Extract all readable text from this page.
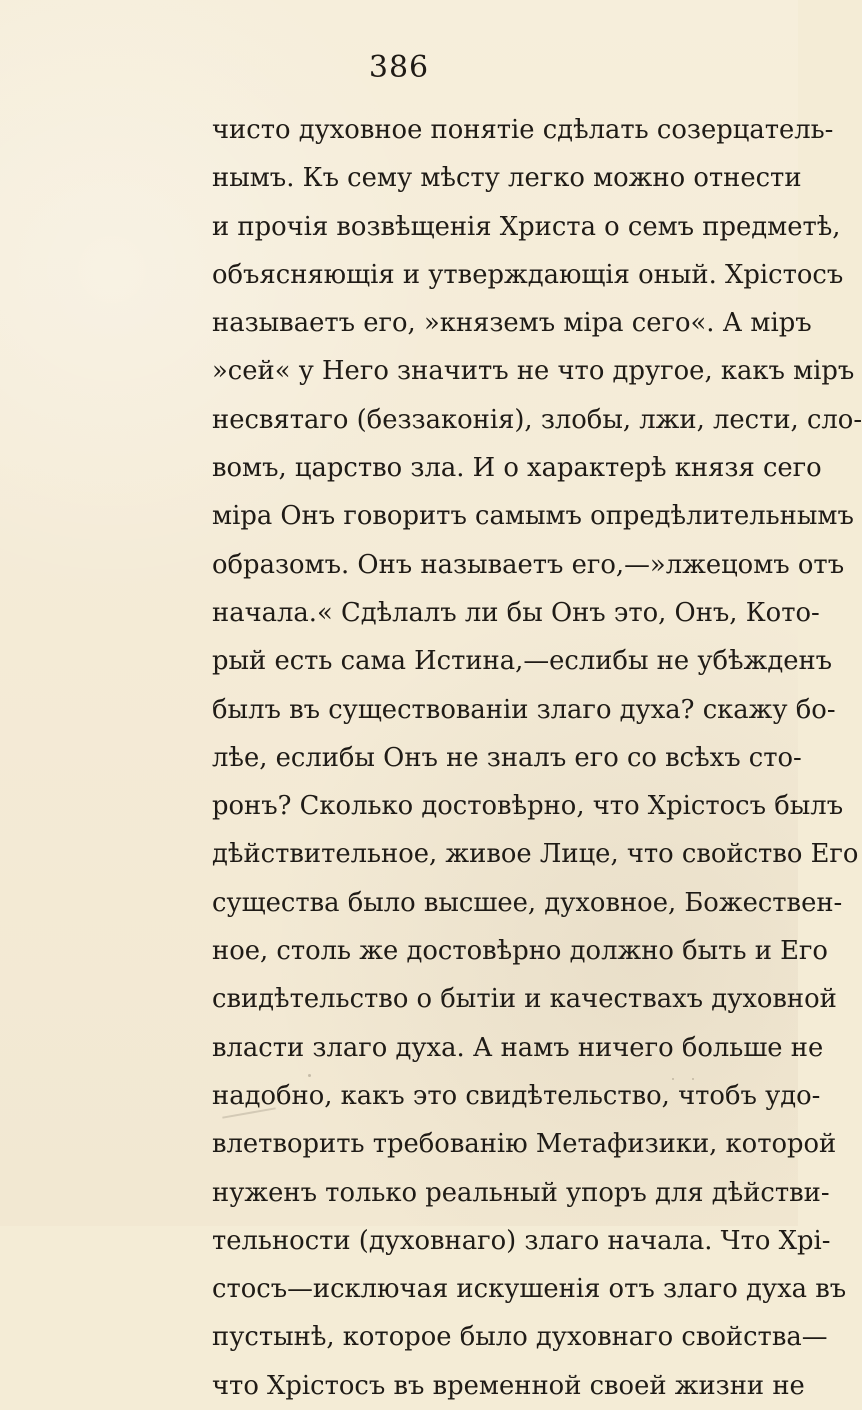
386
чисто духовное понятіе сдѣлать созерцатель-
нымъ. Къ сему мѣсту легко можно отнести
и прочія возвѣщенія Христа о семъ предметѣ,
объясняющія и утверждающія оный. Хрістосъ
называетъ его, »княземъ міра сего«. А міръ
»сей« у Него значитъ не что другое, какъ міръ
несвятаго (беззаконія), злобы, лжи, лести, сло-
вомъ, царство зла. И о характерѣ князя сего
міра Онъ говоритъ самымъ опредѣлительнымъ
образомъ. Онъ называетъ его,—»лжецомъ отъ
начала.« Сдѣлалъ ли бы Онъ это, Онъ, Кото-
рый есть сама Истина,—еслибы не убѣжденъ
былъ въ существованіи злаго духа? скажу бо-
лѣе, еслибы Онъ не зналъ его со всѣхъ сто-
ронъ? Сколько достовѣрно, что Хрістосъ былъ
дѣйствительное, живое Лице, что свойство Его
существа было высшее, духовное, Божествен-
ное, столь же достовѣрно должно быть и Его
свидѣтельство о бытіи и качествахъ духовной
власти злаго духа. А намъ ничего больше не
надобно, какъ это свидѣтельство, чтобъ удо-
влетворить требованію Метафизики, которой
нуженъ только реальный упоръ для дѣйстви-
тельности (духовнаго) злаго начала. Что Хрі-
стосъ—исключая искушенія отъ злаго духа въ
пустынѣ, которое было духовнаго свойства—
что Хрістосъ въ временной своей жизни не
